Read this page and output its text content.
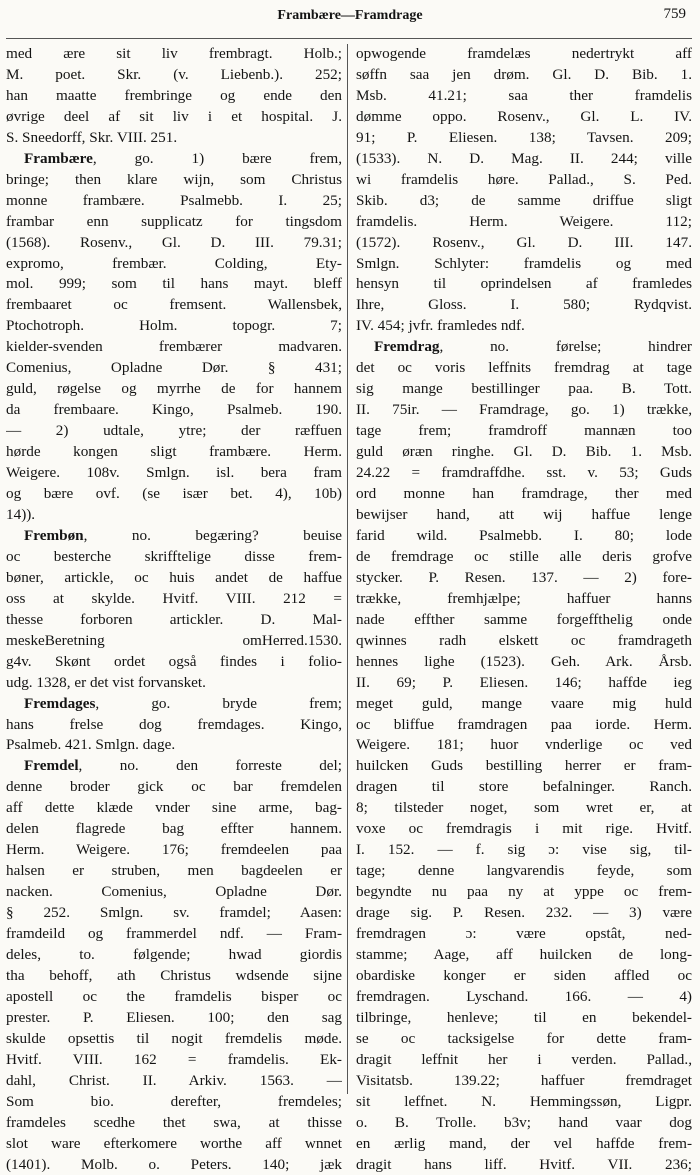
Frambære—Framdrage	759
med ære sit liv frembragt. Holb.;
M. poet. Skr. (v. Liebenb.). 252;
han maatte frembringe og ende den
øvrige deel af sit liv i et hospital. J.
S. Sneedorff, Skr. VIII. 251.
Frambære, go. 1) bære frem,
bringe; then klare wijn, som Christus
monne frambære. Psalmebb. I. 25;
frambar enn supplicatz for tingsdom
(1568). Rosenv., Gl. D. III. 79.31;
expromo, frembær. Colding, Ety-
mol. 999; som til hans mayt. bleff
frembaaret oc fremsent. Wallensbek,
Ptochotroph. Holm. topogr. 7;
kielder-svenden frembærer madvaren.
Comenius, Opladne Dør. § 431;
guld, røgelse og myrrhe de for hannem
da frembaare. Kingo, Psalmeb. 190.
— 2) udtale, ytre; der ræffuen
hørde kongen sligt frambære. Herm.
Weigere. 108v. Smlgn. isl. bera fram
og bære ovf. (se især bet. 4), 10b)
14)).
Frembøn, no. begæring? beuise
oc besterche skrifftelige disse frem-
bøner, artickle, oc huis andet de haffue
oss at skylde. Hvitf. VIII. 212 =
thesse forboren artickler. D. Mal-
meskeBeretning omHerred.1530.
g4v. Skønt ordet også findes i folio-
udg. 1328, er det vist forvansket.
Fremdages, go. bryde frem;
hans frelse dog fremdages. Kingo,
Psalmeb. 421. Smlgn. dage.
Fremdel, no. den forreste del;
denne broder gick oc bar fremdelen
aff dette klæde vnder sine arme, bag-
delen flagrede bag effter hannem.
Herm. Weigere. 176; fremdeelen paa
halsen er struben, men bagdeelen er
nacken. Comenius, Opladne Dør.
§ 252. Smlgn. sv. framdel; Aasen:
framdeild og frammerdel ndf. — Fram-
deles, to. følgende; hwad giordis
tha behoff, ath Christus wdsende sijne
apostell oc the framdelis bisper oc
prester. P. Eliesen. 100; den sag
skulde opsettis til nogit fremdelis møde.
Hvitf. VIII. 162 = framdelis. Ek-
dahl, Christ. II. Arkiv. 1563. —
Som bio. derefter, fremdeles;
framdeles scedhe thet swa, at thisse
slot ware efterkomere worthe aff wnnet
(1401). Molb. o. Peters. 140; jæk
opwogende framdelæs nedertrykt aff
søffn saa jen drøm. Gl. D. Bib. 1.
Msb. 41.21; saa ther framdelis
dømme oppo. Rosenv., Gl. L. IV.
91; P. Eliesen. 138; Tavsen. 209;
(1533). N. D. Mag. II. 244; ville
wi framdelis høre. Pallad., S. Ped.
Skib. d3; de samme driffue sligt
framdelis. Herm. Weigere. 112;
(1572). Rosenv., Gl. D. III. 147.
Smlgn. Schlyter: framdelis og med
hensyn til oprindelsen af framledes
Ihre, Gloss. I. 580; Rydqvist.
IV. 454; jvfr. framledes ndf.
Fremdrag, no. førelse; hindrer
det oc voris leffnits fremdrag at tage
sig mange bestillinger paa. B. Tott.
II. 75ir. — Framdrage, go. 1) trække,
tage frem; framdroff mannæn too
guld øræn ringhe. Gl. D. Bib. 1. Msb.
24.22 = framdraffdhe. sst. v. 53; Guds
ord monne han framdrage, ther med
bewijser hand, att wij haffue lenge
farid wild. Psalmebb. I. 80; lode
de fremdrage oc stille alle deris grofve
stycker. P. Resen. 137. — 2) fore-
trække, fremhjælpe; haffuer hanns
nade effther samme forgeffthelig onde
qwinnes radh elskett oc framdrageth
hennes lighe (1523). Geh. Ark. Årsb.
II. 69; P. Eliesen. 146; haffde ieg
meget guld, mange vaare mig huld
oc bliffue framdragen paa iorde. Herm.
Weigere. 181; huor vnderlige oc ved
huilcken Guds bestilling herrer er fram-
dragen til store befalninger. Ranch.
8; tilsteder noget, som wret er, at
voxe oc fremdragis i mit rige. Hvitf.
I. 152. — f. sig ɔ: vise sig, til-
tage; denne langvarendis feyde, som
begyndte nu paa ny at yppe oc frem-
drage sig. P. Resen. 232. — 3) være
fremdragen ɔ: være opstât, ned-
stamme; Aage, aff huilcken de long-
obardiske konger er siden affled oc
fremdragen. Lyschand. 166. — 4)
tilbringe, henleve; til en bekendel-
se oc tacksigelse for dette fram-
dragit leffnit her i verden. Pallad.,
Visitatsb. 139.22; haffuer fremdraget
sit leffnet. N. Hemmingssøn, Ligpr.
o. B. Trolle. b3v; hand vaar dog
en ærlig mand, der vel haffde frem-
dragit hans liff. Hvitf. VII. 236;
